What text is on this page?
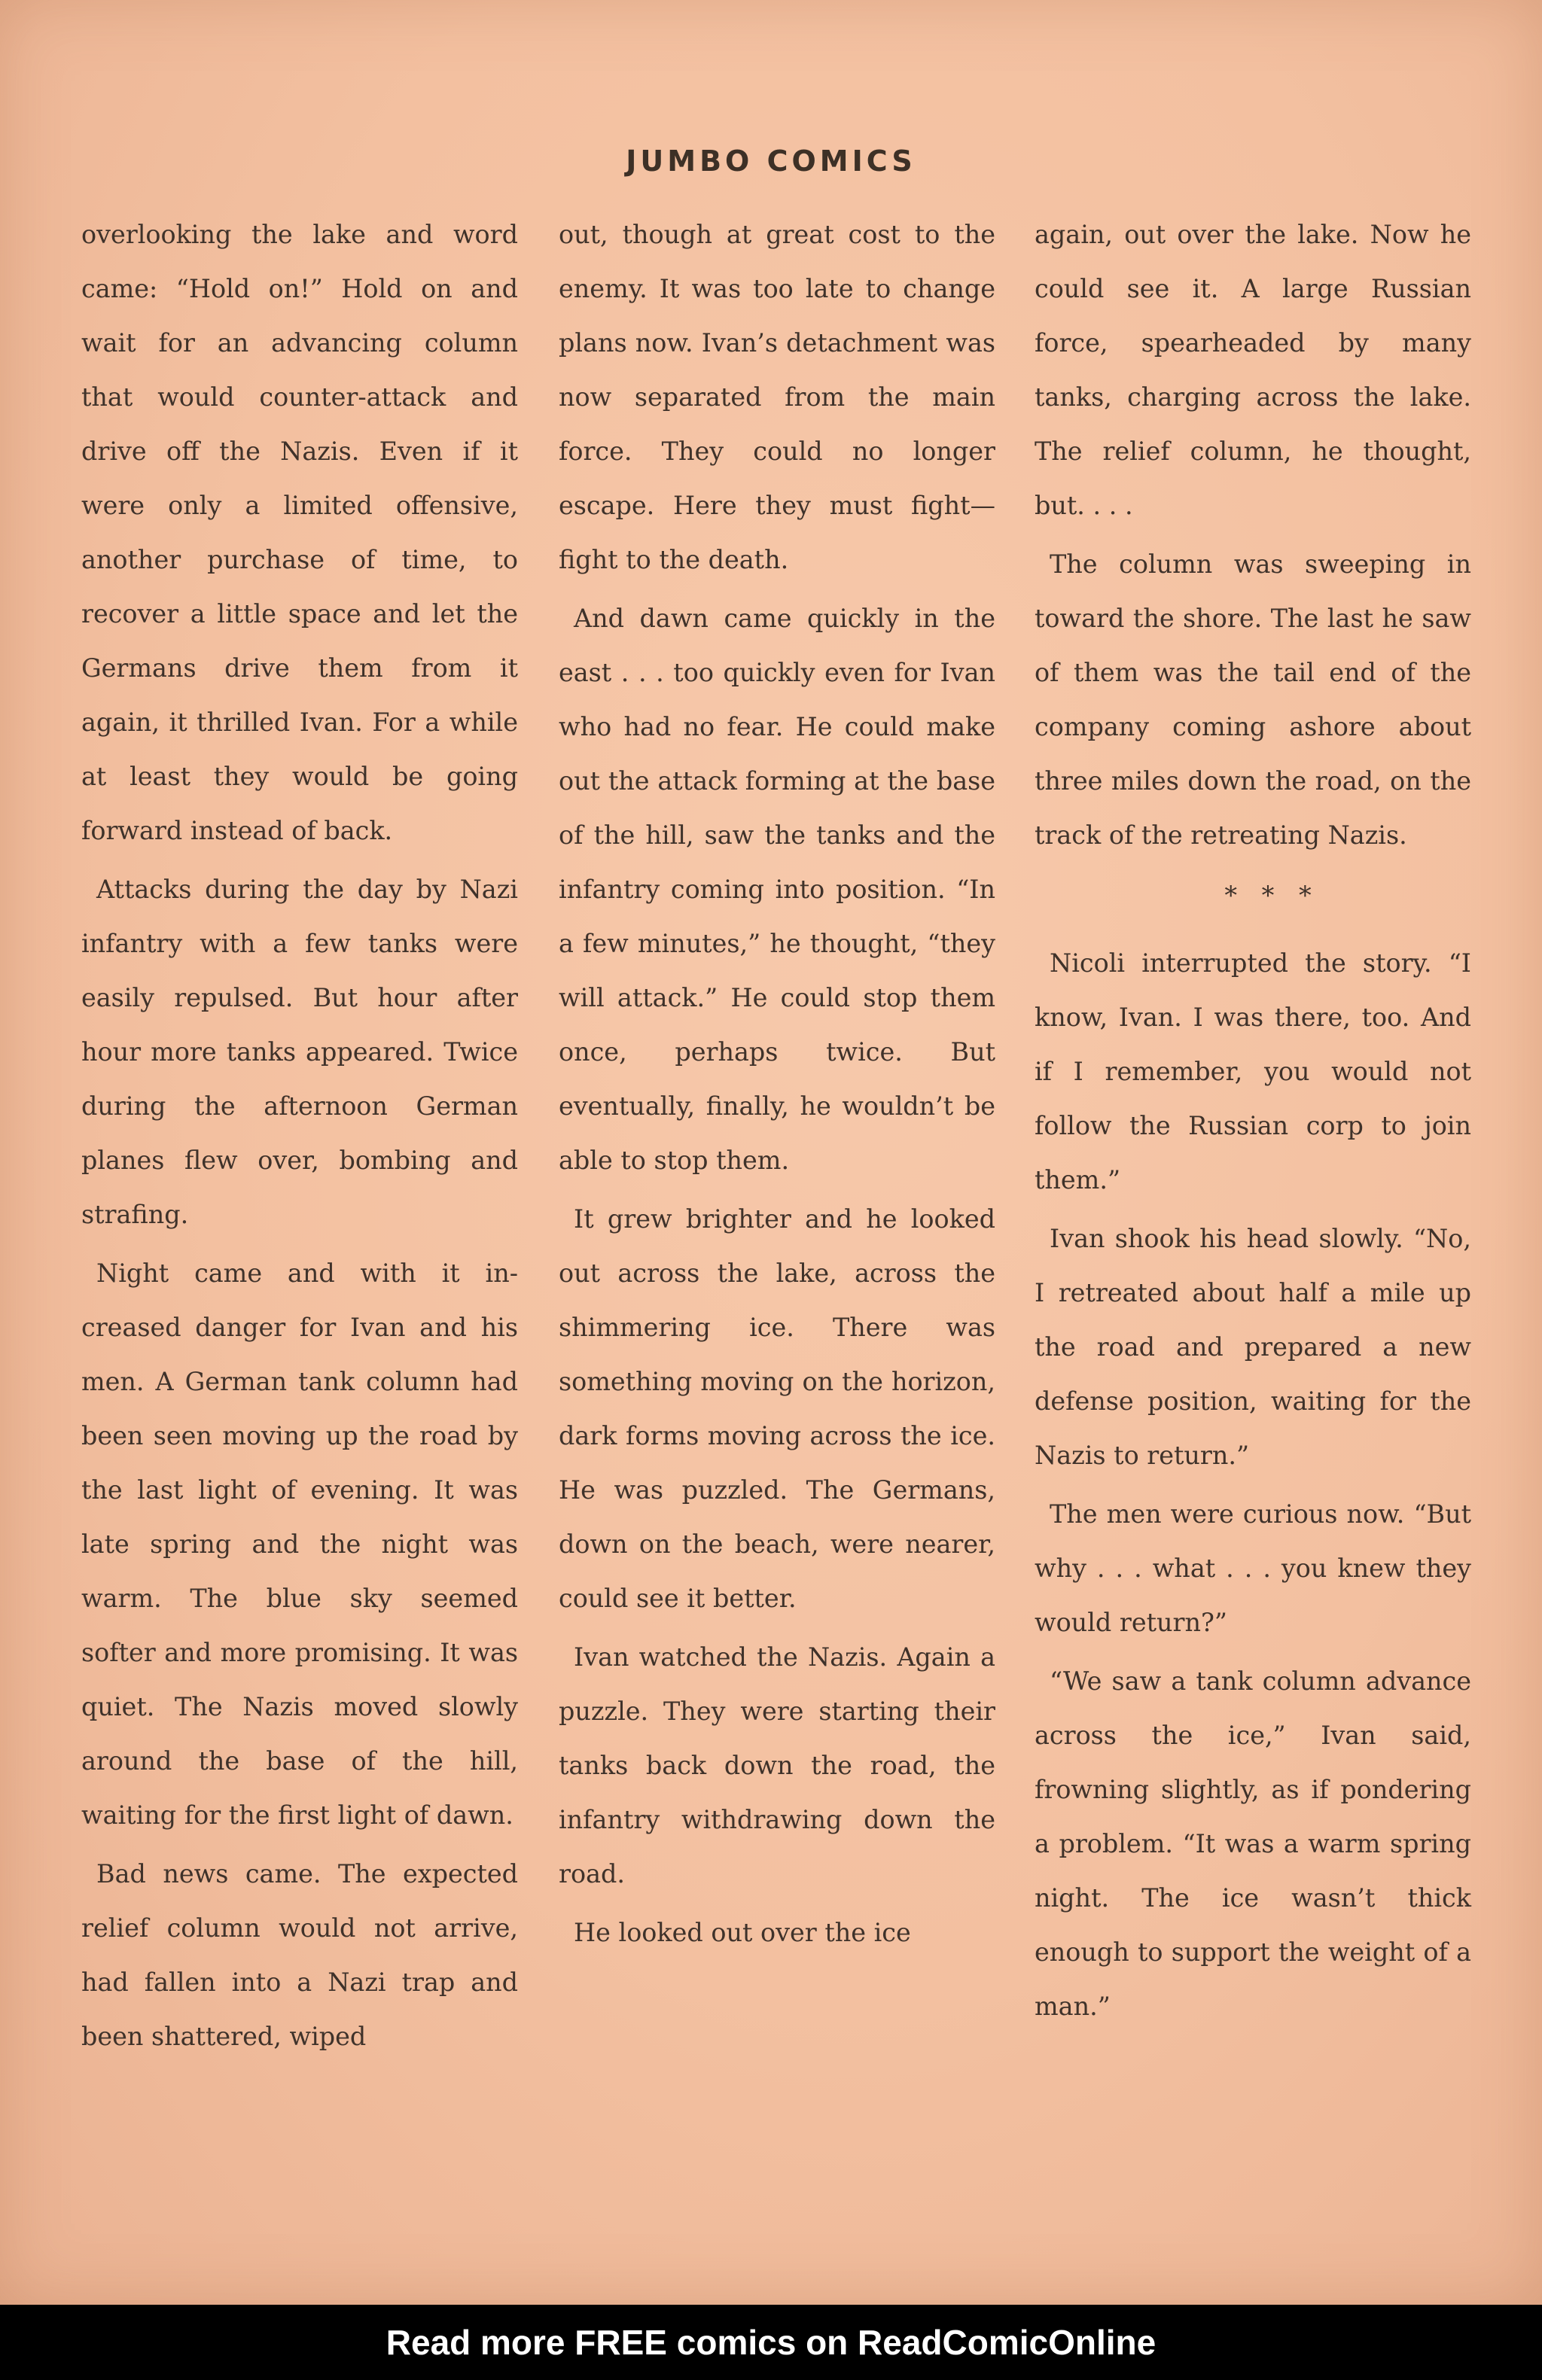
JUMBO COMICS

overlooking the lake and word came: “Hold on!” Hold on and wait for an advancing column that would counter-attack and drive off the Nazis. Even if it were only a limited offensive, another purchase of time, to recover a little space and let the Germans drive them from it again, it thrilled Ivan. For a while at least they would be going forward instead of back.

Attacks during the day by Nazi infantry with a few tanks were easily repulsed. But hour after hour more tanks appeared. Twice during the afternoon German planes flew over, bombing and strafing.

Night came and with it increased danger for Ivan and his men. A German tank column had been seen moving up the road by the last light of evening. It was late spring and the night was warm. The blue sky seemed softer and more promising. It was quiet. The Nazis moved slowly around the base of the hill, waiting for the first light of dawn.

Bad news came. The expected relief column would not arrive, had fallen into a Nazi trap and been shattered, wiped

out, though at great cost to the enemy. It was too late to change plans now. Ivan’s detachment was now separated from the main force. They could no longer escape. Here they must fight—fight to the death.

And dawn came quickly in the east . . . too quickly even for Ivan who had no fear. He could make out the attack forming at the base of the hill, saw the tanks and the infantry coming into position. “In a few minutes,” he thought, “they will attack.” He could stop them once, perhaps twice. But eventually, finally, he wouldn’t be able to stop them.

It grew brighter and he looked out across the lake, across the shimmering ice. There was something moving on the horizon, dark forms moving across the ice. He was puzzled. The Germans, down on the beach, were nearer, could see it better.

Ivan watched the Nazis. Again a puzzle. They were starting their tanks back down the road, the infantry withdrawing down the road.

He looked out over the ice

again, out over the lake. Now he could see it. A large Russian force, spearheaded by many tanks, charging across the lake. The relief column, he thought, but. . . .

The column was sweeping in toward the shore. The last he saw of them was the tail end of the company coming ashore about three miles down the road, on the track of the retreating Nazis.

* * *

Nicoli interrupted the story. “I know, Ivan. I was there, too. And if I remember, you would not follow the Russian corp to join them.”

Ivan shook his head slowly. “No, I retreated about half a mile up the road and prepared a new defense position, waiting for the Nazis to return.”

The men were curious now. “But why . . . what . . . you knew they would return?”

“We saw a tank column advance across the ice,” Ivan said, frowning slightly, as if pondering a problem. “It was a warm spring night. The ice wasn’t thick enough to support the weight of a man.”

Read more FREE comics on ReadComicOnline
